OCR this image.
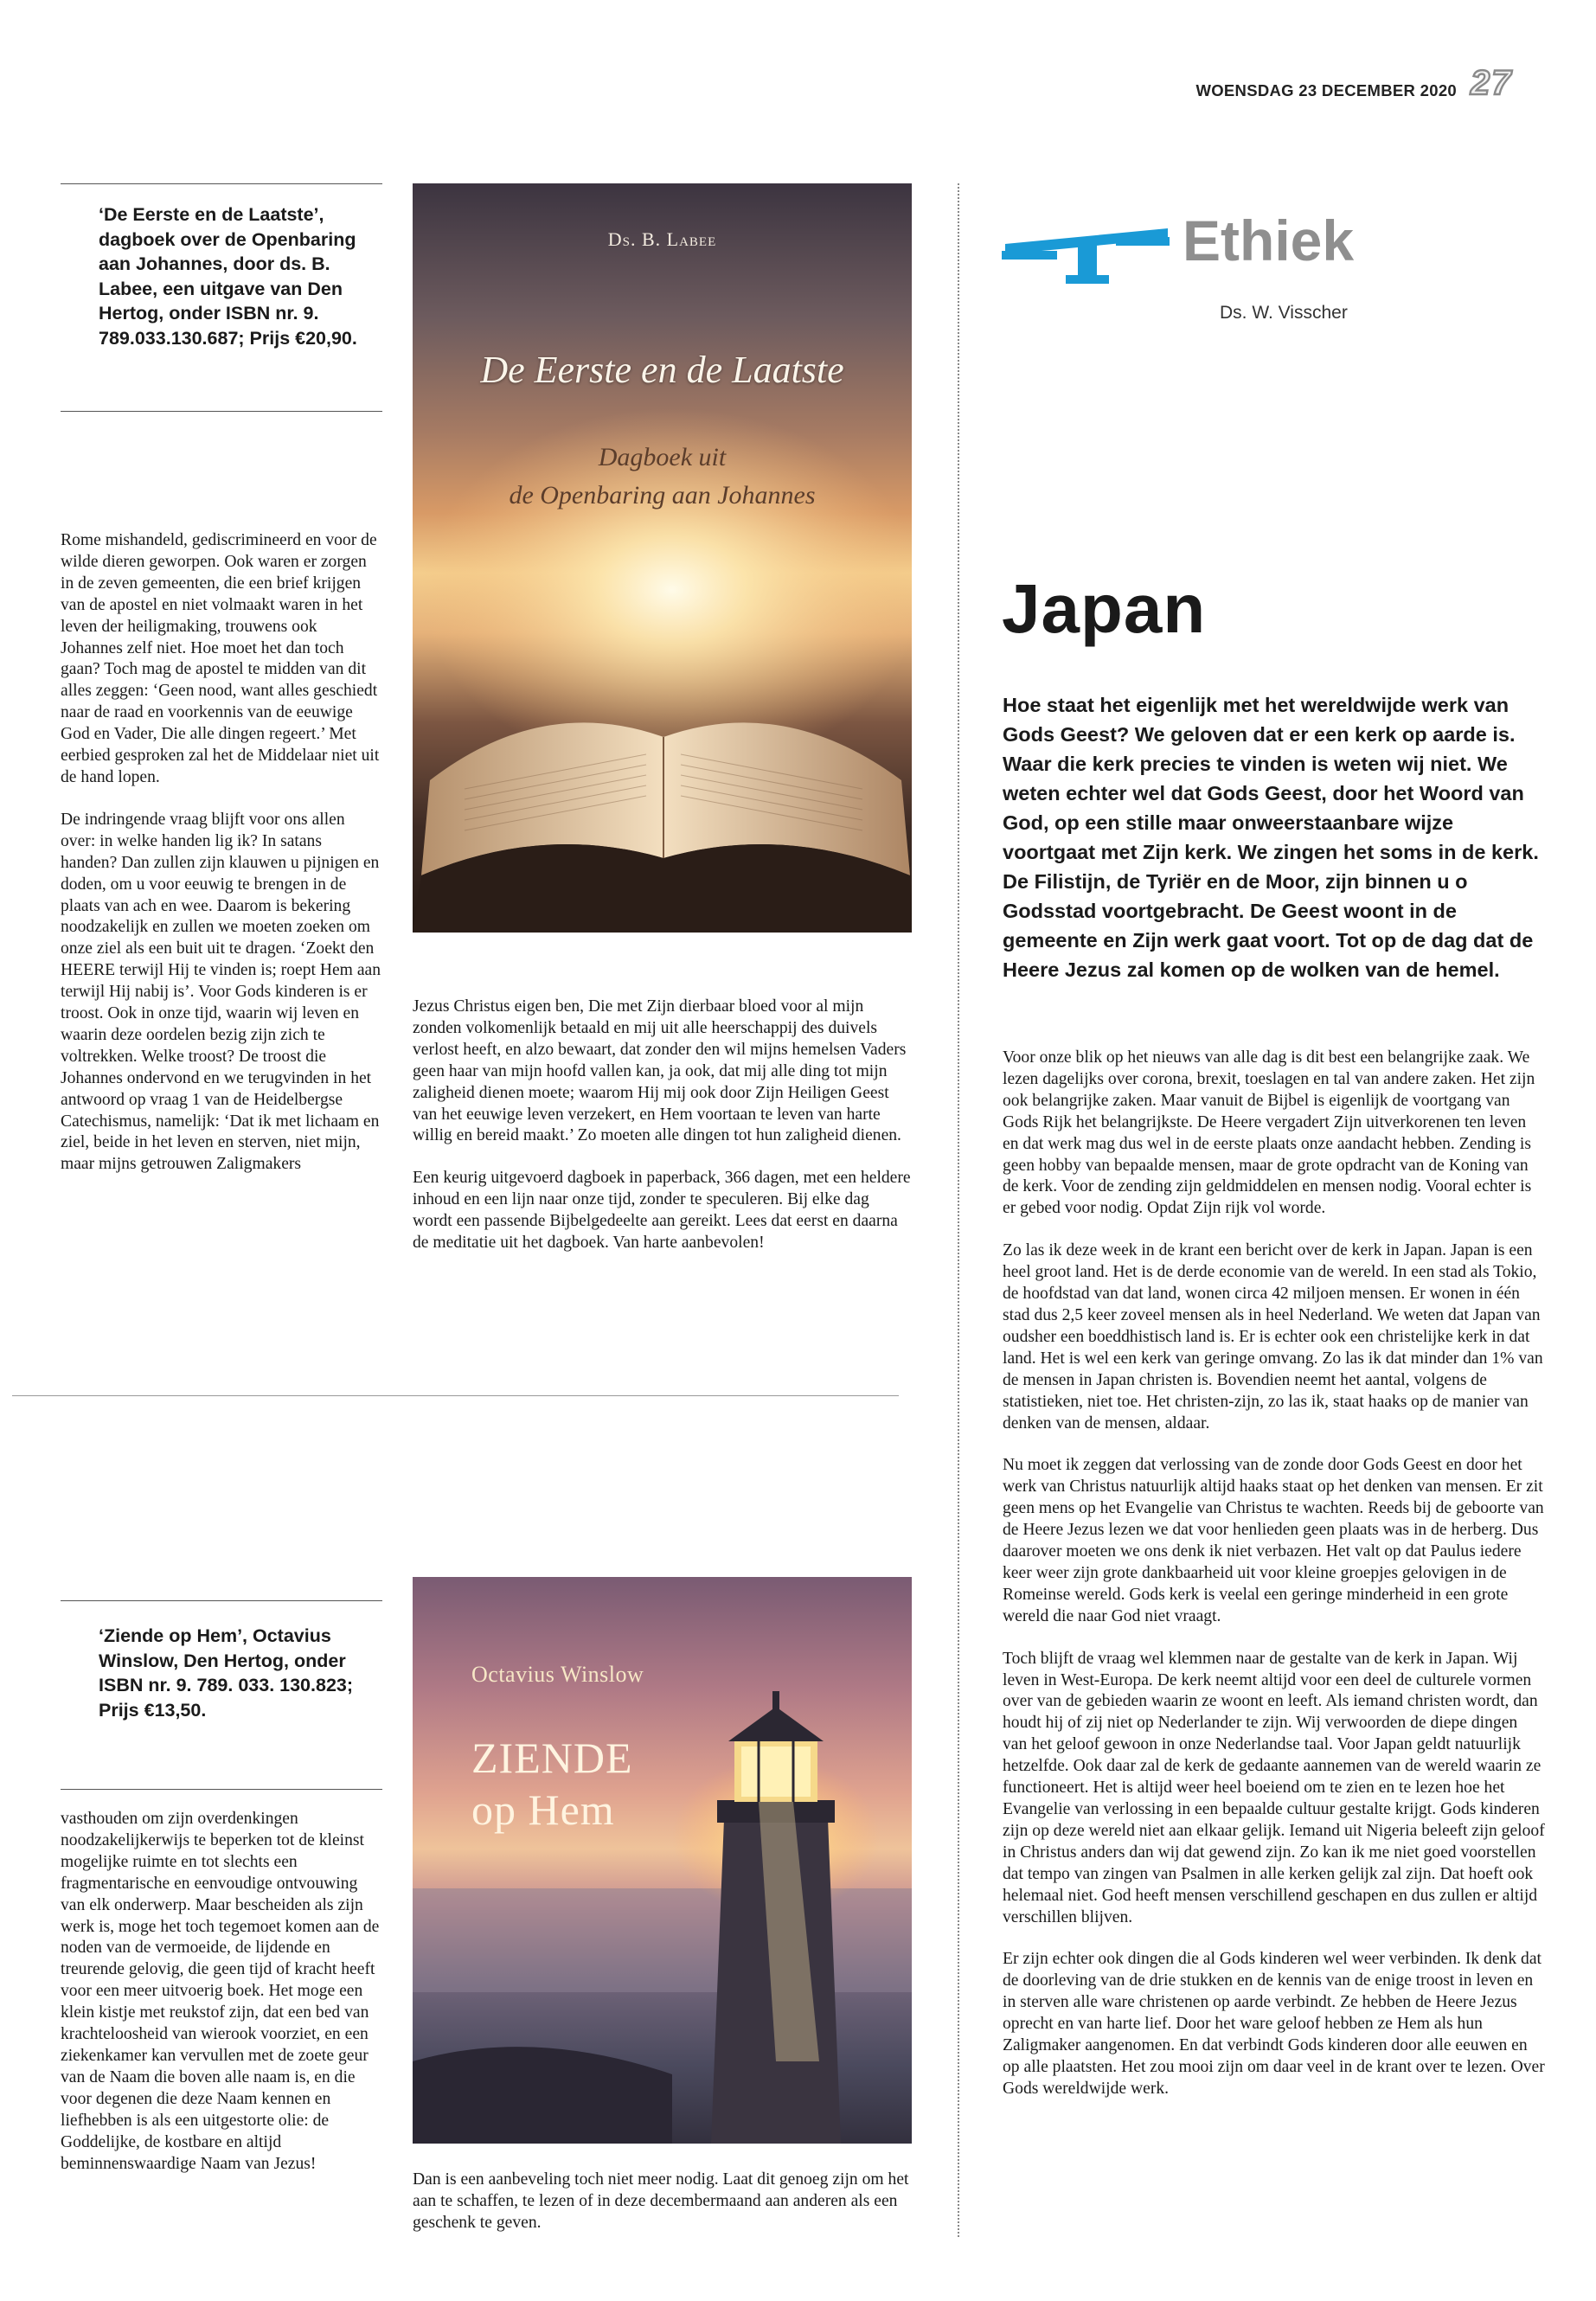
WOENSDAG 23 DECEMBER 2020 27
‘De Eerste en de Laatste’, dagboek over de Openbaring aan Johannes, door ds. B. Labee, een uitgave van Den Hertog, onder ISBN nr. 9. 789.033.130.687; Prijs €20,90.
Ds. B. Labee
De Eerste en de Laatste
Dagboek uit
de Openbaring aan Johannes

Rome mishandeld, gediscrimineerd en voor de wilde dieren geworpen. Ook waren er zorgen in de zeven gemeenten, die een brief krijgen van de apostel en niet volmaakt waren in het leven der heiligmaking, trouwens ook Johannes zelf niet. Hoe moet het dan toch gaan? Toch mag de apostel te midden van dit alles zeggen: ‘Geen nood, want alles geschiedt naar de raad en voorkennis van de eeuwige God en Vader, Die alle dingen regeert.’ Met eerbied gesproken zal het de Middelaar niet uit de hand lopen.

De indringende vraag blijft voor ons allen over: in welke handen lig ik? In satans handen? Dan zullen zijn klauwen u pijnigen en doden, om u voor eeuwig te brengen in de plaats van ach en wee. Daarom is bekering noodzakelijk en zullen we moeten zoeken om onze ziel als een buit uit te dragen. ‘Zoekt den HEERE terwijl Hij te vinden is; roept Hem aan terwijl Hij nabij is’. Voor Gods kinderen is er troost. Ook in onze tijd, waarin wij leven en waarin deze oordelen bezig zijn zich te voltrekken. Welke troost? De troost die Johannes ondervond en we terugvinden in het antwoord op vraag 1 van de Heidelbergse Catechismus, namelijk: ‘Dat ik met lichaam en ziel, beide in het leven en sterven, niet mijn, maar mijns getrouwen Zaligmakers

Jezus Christus eigen ben, Die met Zijn dierbaar bloed voor al mijn zonden volkomenlijk betaald en mij uit alle heerschappij des duivels verlost heeft, en alzo bewaart, dat zonder den wil mijns hemelsen Vaders geen haar van mijn hoofd vallen kan, ja ook, dat mij alle ding tot mijn zaligheid dienen moete; waarom Hij mij ook door Zijn Heiligen Geest van het eeuwige leven verzekert, en Hem voortaan te leven van harte willig en bereid maakt.’ Zo moeten alle dingen tot hun zaligheid dienen.

Een keurig uitgevoerd dagboek in paperback, 366 dagen, met een heldere inhoud en een lijn naar onze tijd, zonder te speculeren. Bij elke dag wordt een passende Bijbelgedeelte aan gereikt. Lees dat eerst en daarna de meditatie uit het dagboek. Van harte aanbevolen!

‘Ziende op Hem’, Octavius Winslow, Den Hertog, onder ISBN nr. 9. 789. 033. 130.823; Prijs €13,50.
Octavius Winslow
ZIENDE
op Hem

vasthouden om zijn overdenkingen noodzakelijkerwijs te beperken tot de kleinst mogelijke ruimte en tot slechts een fragmentarische en eenvoudige ontvouwing van elk onderwerp. Maar bescheiden als zijn werk is, moge het toch tegemoet komen aan de noden van de vermoeide, de lijdende en treurende gelovig, die geen tijd of kracht heeft voor een meer uitvoerig boek. Het moge een klein kistje met reukstof zijn, dat een bed van krachteloosheid van wierook voorziet, en een ziekenkamer kan vervullen met de zoete geur van de Naam die boven alle naam is, en die voor degenen die deze Naam kennen en liefhebben is als een uitgestorte olie: de Goddelijke, de kostbare en altijd beminnenswaardige Naam van Jezus!

Dan is een aanbeveling toch niet meer nodig. Laat dit genoeg zijn om het aan te schaffen, te lezen of in deze decembermaand aan anderen als een geschenk te geven.

Ethiek
Ds. W. Visscher
Japan
Hoe staat het eigenlijk met het wereldwijde werk van Gods Geest? We geloven dat er een kerk op aarde is. Waar die kerk precies te vinden is weten wij niet. We weten echter wel dat Gods Geest, door het Woord van God, op een stille maar onweerstaanbare wijze voortgaat met Zijn kerk. We zingen het soms in de kerk. De Filistijn, de Tyriër en de Moor, zijn binnen u o Godsstad voortgebracht. De Geest woont in de gemeente en Zijn werk gaat voort. Tot op de dag dat de Heere Jezus zal komen op de wolken van de hemel.

Voor onze blik op het nieuws van alle dag is dit best een belangrijke zaak. We lezen dagelijks over corona, brexit, toeslagen en tal van andere zaken. Het zijn ook belangrijke zaken. Maar vanuit de Bijbel is eigenlijk de voortgang van Gods Rijk het belangrijkste. De Heere vergadert Zijn uitverkorenen ten leven en dat werk mag dus wel in de eerste plaats onze aandacht hebben. Zending is geen hobby van bepaalde mensen, maar de grote opdracht van de Koning van de kerk. Voor de zending zijn geldmiddelen en mensen nodig. Vooral echter is er gebed voor nodig. Opdat Zijn rijk vol worde.

Zo las ik deze week in de krant een bericht over de kerk in Japan. Japan is een heel groot land. Het is de derde economie van de wereld. In een stad als Tokio, de hoofdstad van dat land, wonen circa 42 miljoen mensen. Er wonen in één stad dus 2,5 keer zoveel mensen als in heel Nederland. We weten dat Japan van oudsher een boeddhistisch land is. Er is echter ook een christelijke kerk in dat land. Het is wel een kerk van geringe omvang. Zo las ik dat minder dan 1% van de mensen in Japan christen is. Bovendien neemt het aantal, volgens de statistieken, niet toe. Het christen-zijn, zo las ik, staat haaks op de manier van denken van de mensen, aldaar.

Nu moet ik zeggen dat verlossing van de zonde door Gods Geest en door het werk van Christus natuurlijk altijd haaks staat op het denken van mensen. Er zit geen mens op het Evangelie van Christus te wachten. Reeds bij de geboorte van de Heere Jezus lezen we dat voor henlieden geen plaats was in de herberg. Dus daarover moeten we ons denk ik niet verbazen. Het valt op dat Paulus iedere keer weer zijn grote dankbaarheid uit voor kleine groepjes gelovigen in de Romeinse wereld. Gods kerk is veelal een geringe minderheid in een grote wereld die naar God niet vraagt.

Toch blijft de vraag wel klemmen naar de gestalte van de kerk in Japan. Wij leven in West-Europa. De kerk neemt altijd voor een deel de culturele vormen over van de gebieden waarin ze woont en leeft. Als iemand christen wordt, dan houdt hij of zij niet op Nederlander te zijn. Wij verwoorden de diepe dingen van het geloof gewoon in onze Nederlandse taal. Voor Japan geldt natuurlijk hetzelfde. Ook daar zal de kerk de gedaante aannemen van de wereld waarin ze functioneert. Het is altijd weer heel boeiend om te zien en te lezen hoe het Evangelie van verlossing in een bepaalde cultuur gestalte krijgt. Gods kinderen zijn op deze wereld niet aan elkaar gelijk. Iemand uit Nigeria beleeft zijn geloof in Christus anders dan wij dat gewend zijn. Zo kan ik me niet goed voorstellen dat tempo van zingen van Psalmen in alle kerken gelijk zal zijn. Dat hoeft ook helemaal niet. God heeft mensen verschillend geschapen en dus zullen er altijd verschillen blijven.

Er zijn echter ook dingen die al Gods kinderen wel weer verbinden. Ik denk dat de doorleving van de drie stukken en de kennis van de enige troost in leven en in sterven alle ware christenen op aarde verbindt. Ze hebben de Heere Jezus oprecht en van harte lief. Door het ware geloof hebben ze Hem als hun Zaligmaker aangenomen. En dat verbindt Gods kinderen door alle eeuwen en op alle plaatsten. Het zou mooi zijn om daar veel in de krant over te lezen. Over Gods wereldwijde werk.
